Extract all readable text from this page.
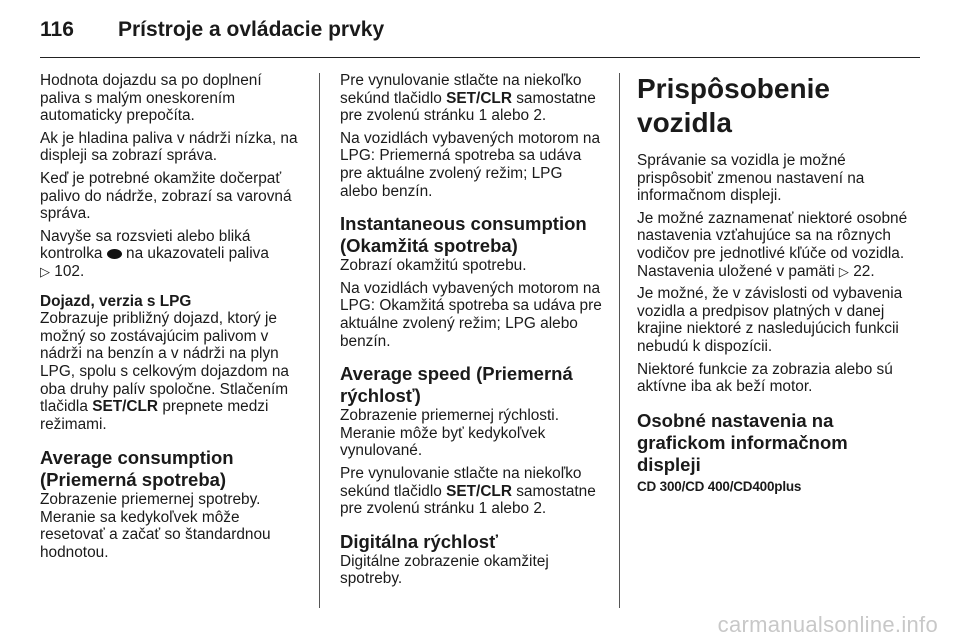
116 Prístroje a ovládacie prvky

Hodnota dojazdu sa po doplnení paliva s malým oneskorením automaticky prepočíta.

Ak je hladina paliva v nádrži nízka, na displeji sa zobrazí správa.

Keď je potrebné okamžite dočerpať palivo do nádrže, zobrazí sa varovná správa.

Navyše sa rozsvieti alebo bliká kontrolka na ukazovateli paliva
▷ 102.

Dojazd, verzia s LPG

Zobrazuje približný dojazd, ktorý je možný so zostávajúcim palivom v nádrži na benzín a v nádrži na plyn LPG, spolu s celkovým dojazdom na oba druhy palív spoločne. Stlačením tlačidla SET/CLR prepnete medzi režimami.

Average consumption (Priemerná spotreba)

Zobrazenie priemernej spotreby. Meranie sa kedykoľvek môže resetovať a začať so štandardnou hodnotou.

Pre vynulovanie stlačte na niekoľko sekúnd tlačidlo SET/CLR samostatne pre zvolenú stránku 1 alebo 2.

Na vozidlách vybavených motorom na LPG: Priemerná spotreba sa udáva pre aktuálne zvolený režim; LPG alebo benzín.

Instantaneous consumption (Okamžitá spotreba)

Zobrazí okamžitú spotrebu.

Na vozidlách vybavených motorom na LPG: Okamžitá spotreba sa udáva pre aktuálne zvolený režim; LPG alebo benzín.

Average speed (Priemerná rýchlosť)

Zobrazenie priemernej rýchlosti. Meranie môže byť kedykoľvek vynulované.

Pre vynulovanie stlačte na niekoľko sekúnd tlačidlo SET/CLR samostatne pre zvolenú stránku 1 alebo 2.

Digitálna rýchlosť

Digitálne zobrazenie okamžitej spotreby.

Prispôsobenie vozidla

Správanie sa vozidla je možné prispôsobiť zmenou nastavení na informačnom displeji.

Je možné zaznamenať niektoré osobné nastavenia vzťahujúce sa na rôznych vodičov pre jednotlivé kľúče od vozidla. Nastavenia uložené v pamäti ▷ 22.

Je možné, že v závislosti od vybavenia vozidla a predpisov platných v danej krajine niektoré z nasledujúcich funkcii nebudú k dispozícii.

Niektoré funkcie za zobrazia alebo sú aktívne iba ak beží motor.

Osobné nastavenia na grafickom informačnom displeji
CD 300/CD 400/CD400plus
carmanualsonline.info
